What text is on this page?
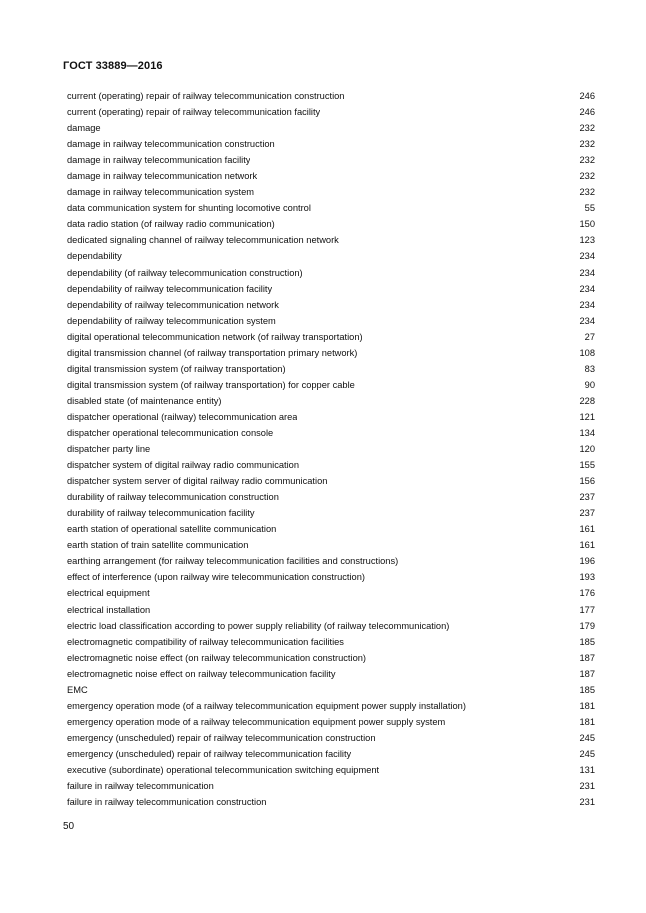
ГОСТ 33889—2016
current (operating) repair of railway telecommunication construction	246
current (operating) repair of railway telecommunication facility	246
damage	232
damage in railway telecommunication construction	232
damage in railway telecommunication facility	232
damage in railway telecommunication network	232
damage in railway telecommunication system	232
data communication system for shunting locomotive control	55
data radio station (of railway radio communication)	150
dedicated signaling channel of railway telecommunication network	123
dependability	234
dependability (of railway telecommunication construction)	234
dependability of railway telecommunication facility	234
dependability of railway telecommunication network	234
dependability of railway telecommunication system	234
digital operational telecommunication network (of railway transportation)	27
digital transmission channel (of railway transportation primary network)	108
digital transmission system (of railway transportation)	83
digital transmission system (of railway transportation) for copper cable	90
disabled state (of maintenance entity)	228
dispatcher operational (railway) telecommunication area	121
dispatcher operational telecommunication console	134
dispatcher party line	120
dispatcher system of digital railway radio communication	155
dispatcher system server of digital railway radio communication	156
durability of railway telecommunication construction	237
durability of railway telecommunication facility	237
earth station of operational satellite communication	161
earth station of train satellite communication	161
earthing arrangement (for railway telecommunication facilities and constructions)	196
effect of interference (upon railway wire telecommunication construction)	193
electrical equipment	176
electrical installation	177
electric load classification according to power supply reliability (of railway telecommunication)	179
electromagnetic compatibility of railway telecommunication facilities	185
electromagnetic noise effect (on railway telecommunication construction)	187
electromagnetic noise effect on railway telecommunication facility	187
EMC	185
emergency operation mode (of a railway telecommunication equipment power supply installation)	181
emergency operation mode of a railway telecommunication equipment power supply system	181
emergency (unscheduled) repair of railway telecommunication construction	245
emergency (unscheduled) repair of railway telecommunication facility	245
executive (subordinate) operational telecommunication switching equipment	131
failure in railway telecommunication	231
failure in railway telecommunication construction	231
50
